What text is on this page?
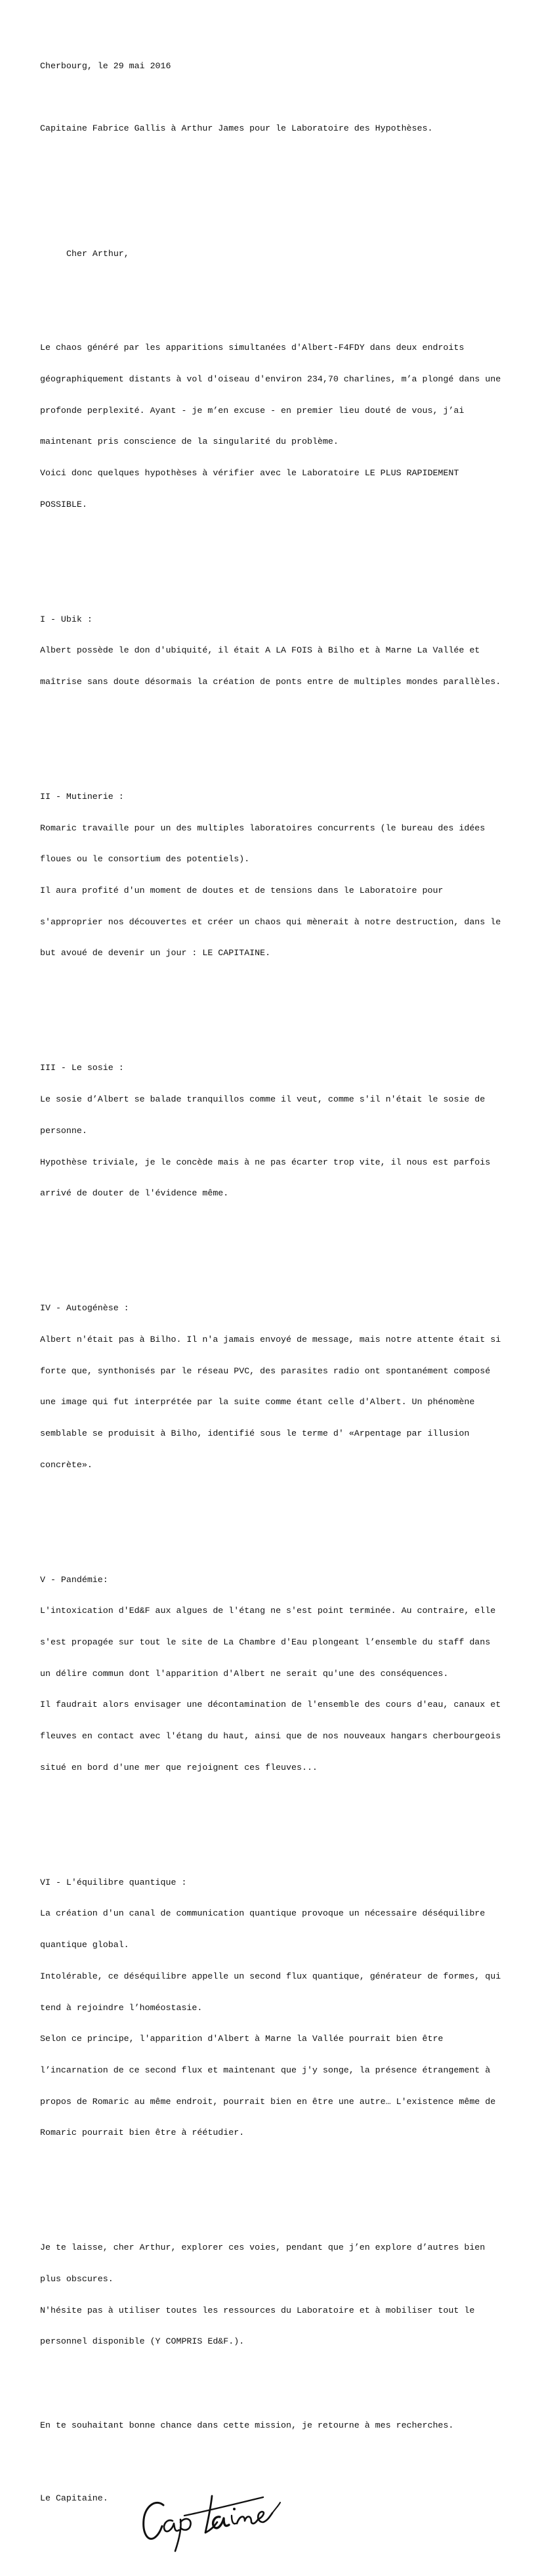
Cherbourg, le 29 mai 2016

Capitaine Fabrice Gallis à Arthur James pour le Laboratoire des Hypothèses.

Cher Arthur,

Le chaos généré par les apparitions simultanées d'Albert-F4FDY dans deux endroits

géographiquement distants à vol d'oiseau d'environ 234,70 charlines, m’a plongé dans une

profonde perplexité. Ayant - je m’en excuse - en premier lieu douté de vous, j’ai

maintenant pris conscience de la singularité du problème.

Voici donc quelques hypothèses à vérifier avec le Laboratoire LE PLUS RAPIDEMENT

POSSIBLE.

I - Ubik :

Albert possède le don d'ubiquité, il était A LA FOIS à Bilho et à Marne La Vallée et

maîtrise sans doute désormais la création de ponts entre de multiples mondes parallèles.

II - Mutinerie :

Romaric travaille pour un des multiples laboratoires concurrents (le bureau des idées

floues ou le consortium des potentiels).

Il aura profité d'un moment de doutes et de tensions dans le Laboratoire pour

s'approprier nos découvertes et créer un chaos qui mènerait à notre destruction, dans le

but avoué de devenir un jour : LE CAPITAINE.

III - Le sosie :

Le sosie d’Albert se balade tranquillos comme il veut, comme s'il n'était le sosie de

personne.

Hypothèse triviale, je le concède mais à ne pas écarter trop vite, il nous est parfois

arrivé de douter de l'évidence même.

IV - Autogénèse :

Albert n'était pas à Bilho. Il n'a jamais envoyé de message, mais notre attente était si

forte que, synthonisés par le réseau PVC, des parasites radio ont spontanément composé

une image qui fut interprétée par la suite comme étant celle d'Albert. Un phénomène

semblable se produisit à Bilho, identifié sous le terme d' «Arpentage par illusion

concrète».

V - Pandémie:

L'intoxication d'Ed&F aux algues de l'étang ne s'est point terminée. Au contraire, elle

s'est propagée sur tout le site de La Chambre d'Eau plongeant l’ensemble du staff dans

un délire commun dont l'apparition d'Albert ne serait qu'une des conséquences.

Il faudrait alors envisager une décontamination de l'ensemble des cours d'eau, canaux et

fleuves en contact avec l'étang du haut, ainsi que de nos nouveaux hangars cherbourgeois

situé en bord d'une mer que rejoignent ces fleuves...

VI - L'équilibre quantique :

La création d'un canal de communication quantique provoque un nécessaire déséquilibre

quantique global.

Intolérable, ce déséquilibre appelle un second flux quantique, générateur de formes, qui

tend à rejoindre l’homéostasie.

Selon ce principe, l'apparition d'Albert à Marne la Vallée pourrait bien être

l’incarnation de ce second flux et maintenant que j'y songe, la présence étrangement à

propos de Romaric au même endroit, pourrait bien en être une autre… L'existence même de

Romaric pourrait bien être à réétudier.

Je te laisse, cher Arthur, explorer ces voies, pendant que j’en explore d’autres bien

plus obscures.

N'hésite pas à utiliser toutes les ressources du Laboratoire et à mobiliser tout le

personnel disponible (Y COMPRIS Ed&F.).

En te souhaitant bonne chance dans cette mission, je retourne à mes recherches.

Le Capitaine.
